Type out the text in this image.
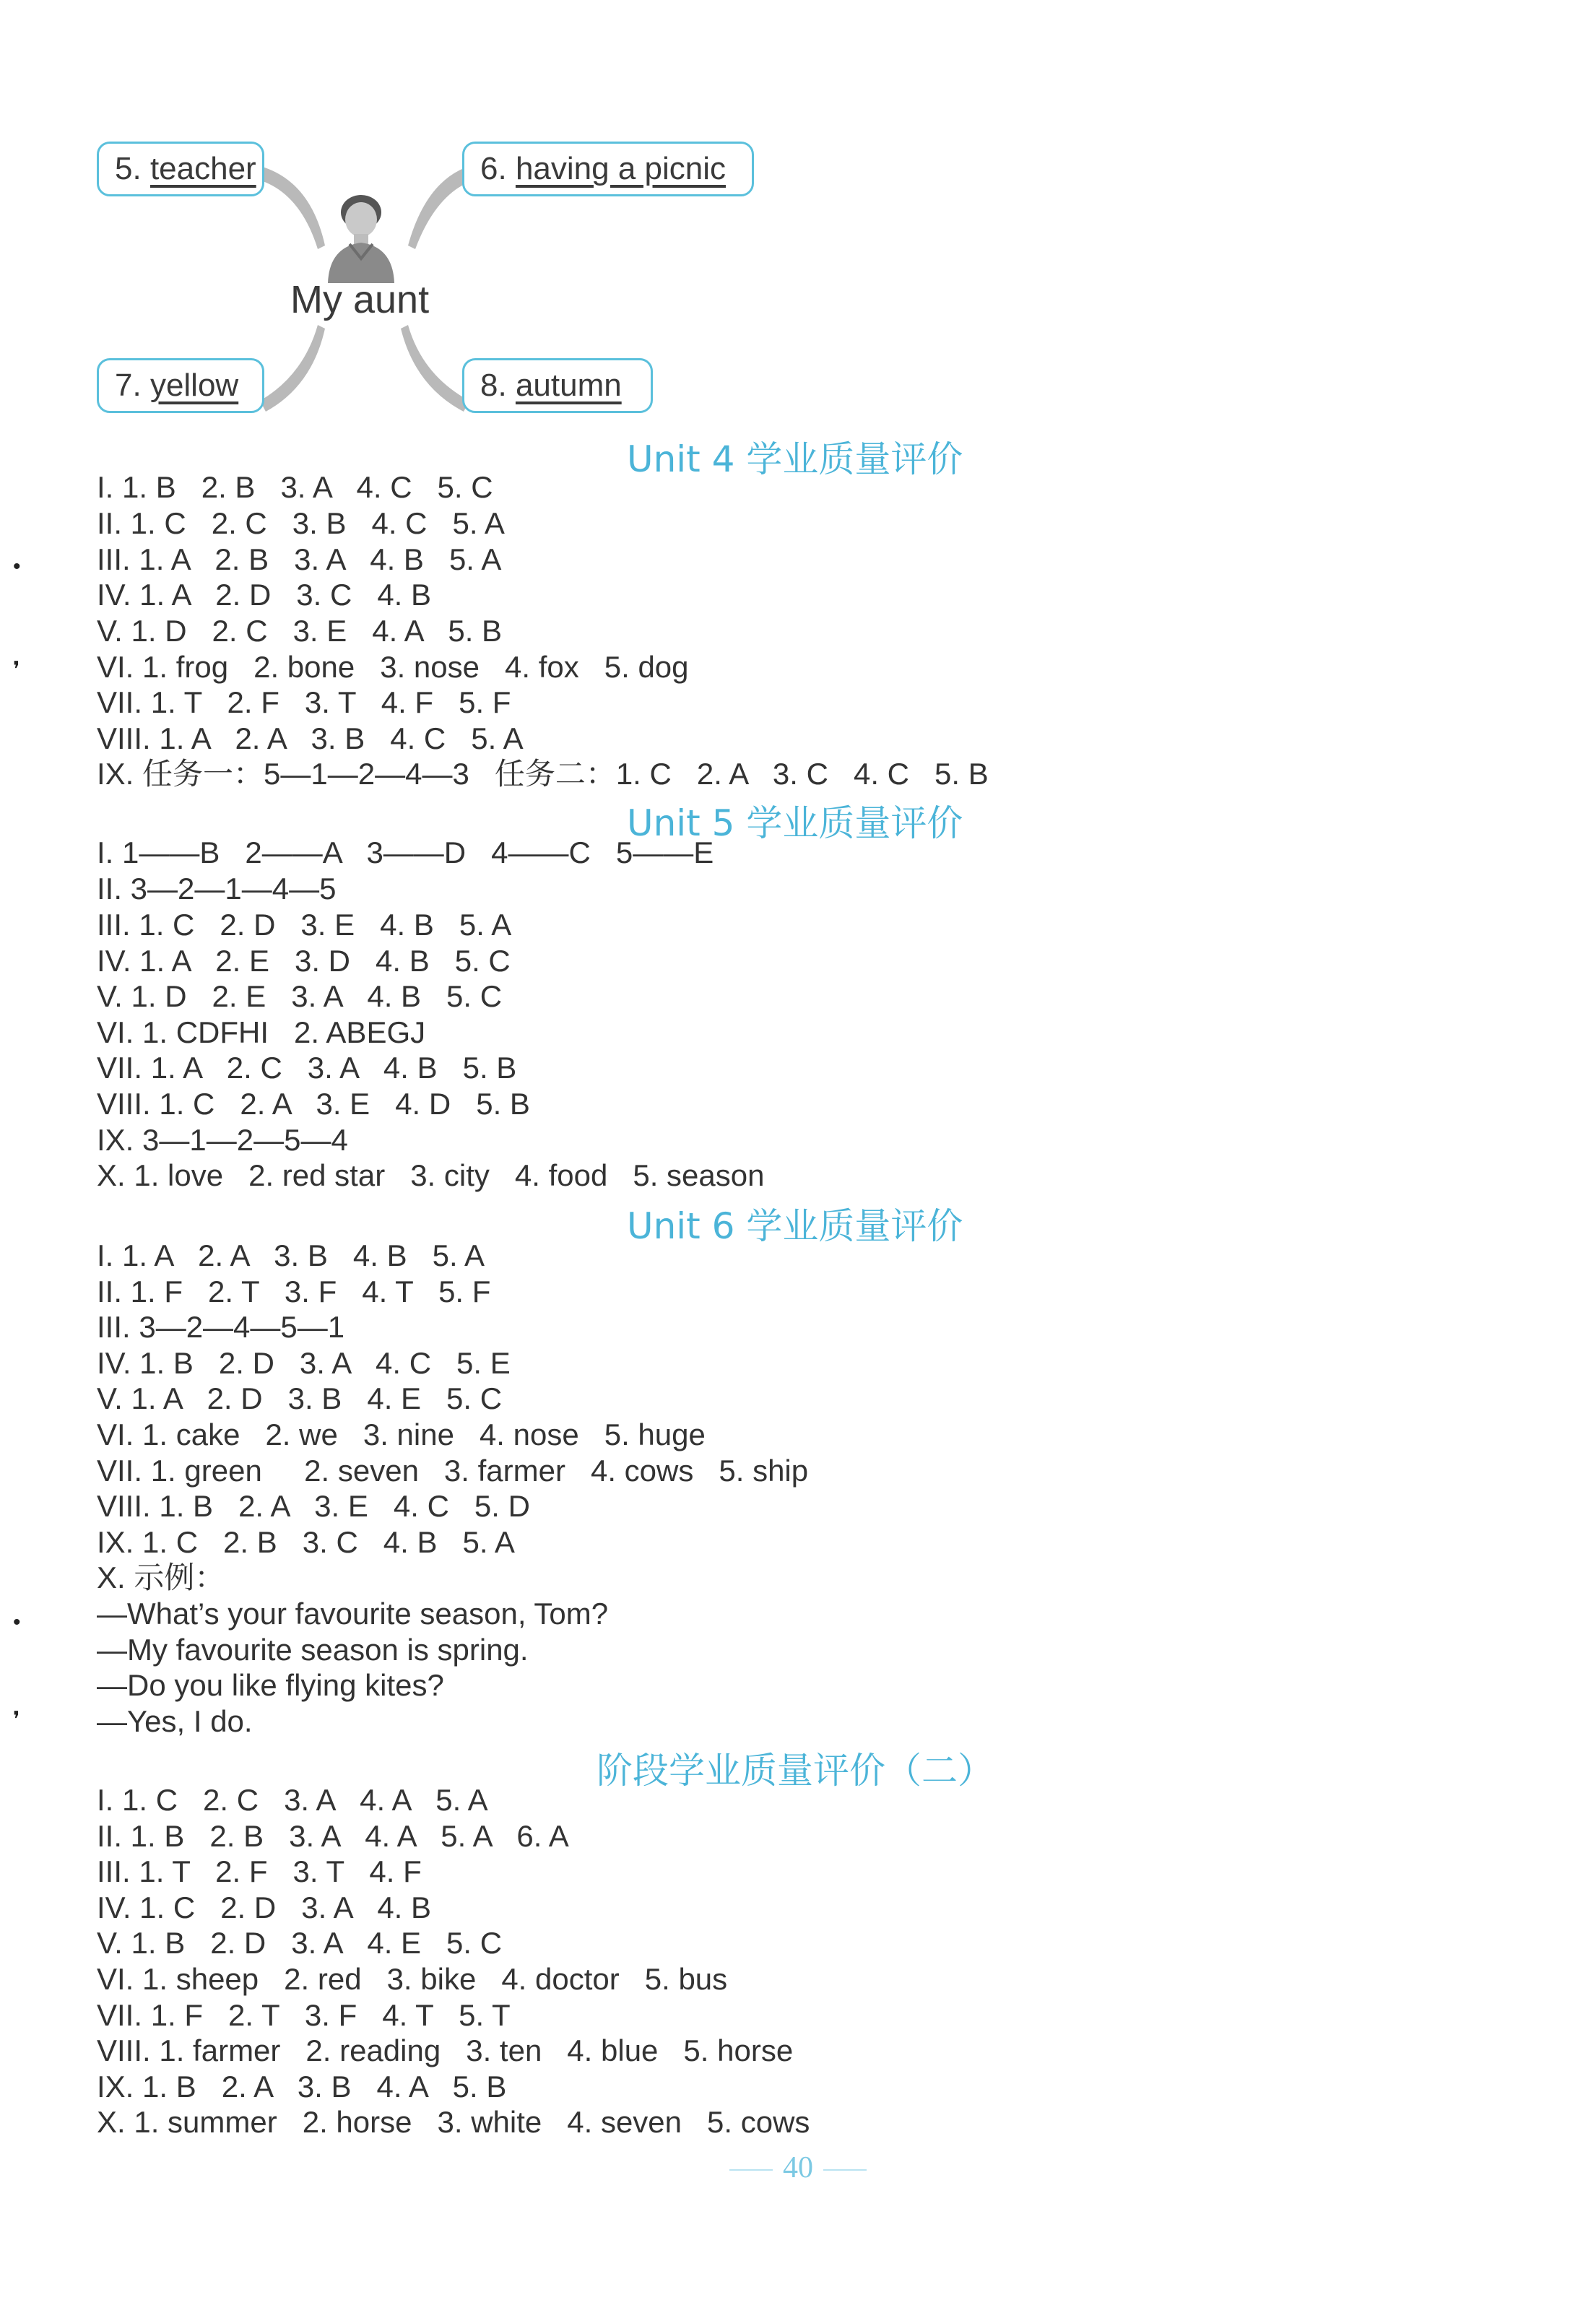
5. teacher	6. having a picnic
7. yellow	8. autumn
My aunt
Unit 4 学业质量评价
I. 1. B   2. B   3. A   4. C   5. C
II. 1. C   2. C   3. B   4. C   5. A
III. 1. A   2. B   3. A   4. B   5. A
IV. 1. A   2. D   3. C   4. B
V. 1. D   2. C   3. E   4. A   5. B
VI. 1. frog   2. bone   3. nose   4. fox   5. dog
VII. 1. T   2. F   3. T   4. F   5. F
VIII. 1. A   2. A   3. B   4. C   5. A
IX. 任务一：5—1—2—4—3   任务二：1. C   2. A   3. C   4. C   5. B
Unit 5 学业质量评价
I. 1——B   2——A   3——D   4——C   5——E
II. 3—2—1—4—5
III. 1. C   2. D   3. E   4. B   5. A
IV. 1. A   2. E   3. D   4. B   5. C
V. 1. D   2. E   3. A   4. B   5. C
VI. 1. CDFHI   2. ABEGJ
VII. 1. A   2. C   3. A   4. B   5. B
VIII. 1. C   2. A   3. E   4. D   5. B
IX. 3—1—2—5—4
X. 1. love   2. red star   3. city   4. food   5. season
Unit 6 学业质量评价
I. 1. A   2. A   3. B   4. B   5. A
II. 1. F   2. T   3. F   4. T   5. F
III. 3—2—4—5—1
IV. 1. B   2. D   3. A   4. C   5. E
V. 1. A   2. D   3. B   4. E   5. C
VI. 1. cake   2. we   3. nine   4. nose   5. huge
VII. 1. green     2. seven   3. farmer   4. cows   5. ship
VIII. 1. B   2. A   3. E   4. C   5. D
IX. 1. C   2. B   3. C   4. B   5. A
X. 示例：
—What’s your favourite season, Tom?
—My favourite season is spring.
—Do you like flying kites?
—Yes, I do.
阶段学业质量评价（二）
I. 1. C   2. C   3. A   4. A   5. A
II. 1. B   2. B   3. A   4. A   5. A   6. A
III. 1. T   2. F   3. T   4. F
IV. 1. C   2. D   3. A   4. B
V. 1. B   2. D   3. A   4. E   5. C
VI. 1. sheep   2. red   3. bike   4. doctor   5. bus
VII. 1. F   2. T   3. F   4. T   5. T
VIII. 1. farmer   2. reading   3. ten   4. blue   5. horse
IX. 1. B   2. A   3. B   4. A   5. B
X. 1. summer   2. horse   3. white   4. seven   5. cows
•
❜
•
❜
40
